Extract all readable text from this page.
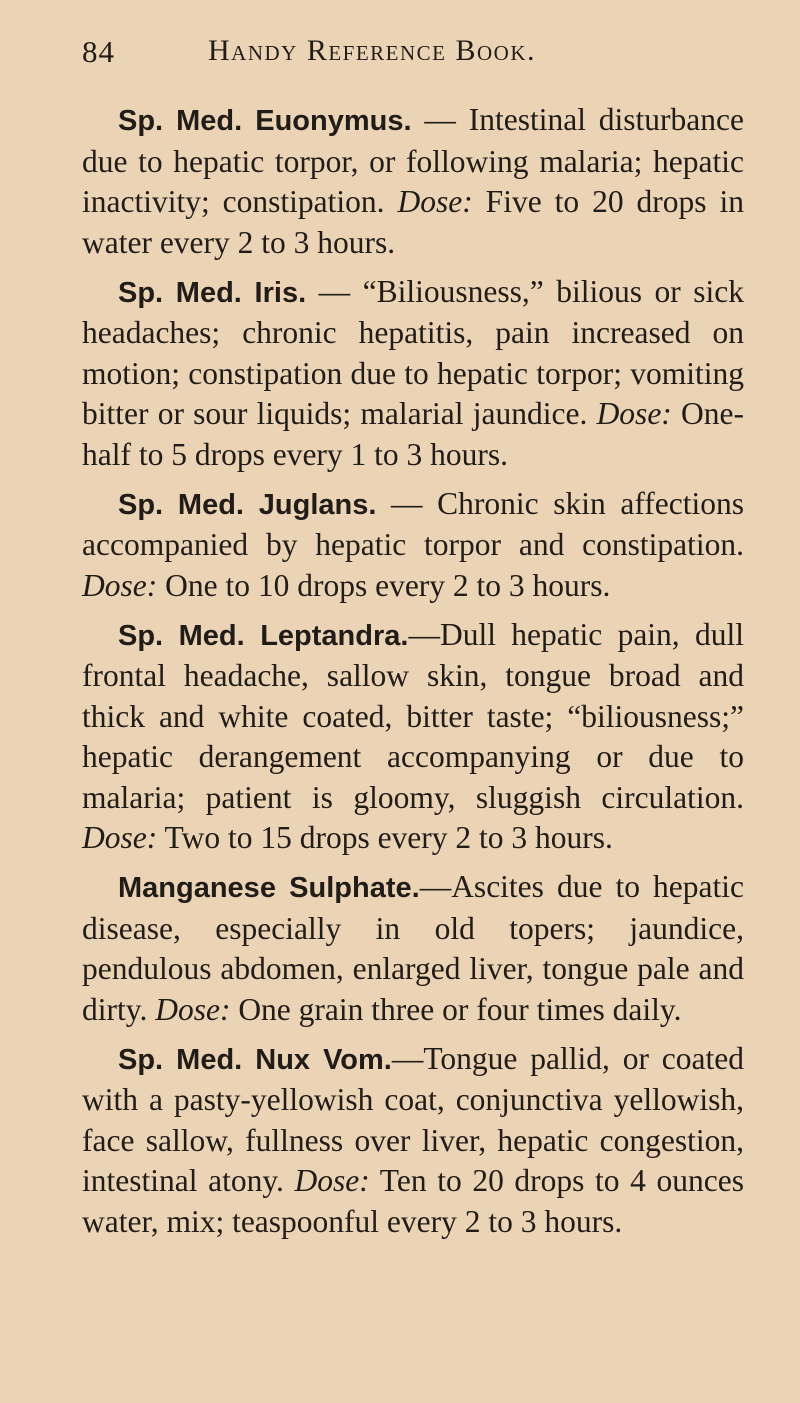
84	Handy Reference Book.

Sp. Med. Euonymus. — Intestinal disturbance due to hepatic torpor, or following malaria; hepatic inactivity; constipation. Dose: Five to 20 drops in water every 2 to 3 hours.

Sp. Med. Iris. — “Biliousness,” bilious or sick headaches; chronic hepatitis, pain increased on motion; constipation due to hepatic torpor; vomiting bitter or sour liquids; malarial jaundice. Dose: One-half to 5 drops every 1 to 3 hours.

Sp. Med. Juglans. — Chronic skin affections accompanied by hepatic torpor and constipation. Dose: One to 10 drops every 2 to 3 hours.

Sp. Med. Leptandra.—Dull hepatic pain, dull frontal headache, sallow skin, tongue broad and thick and white coated, bitter taste; “biliousness;” hepatic derangement accompanying or due to malaria; patient is gloomy, sluggish circulation. Dose: Two to 15 drops every 2 to 3 hours.

Manganese Sulphate.—Ascites due to hepatic disease, especially in old topers; jaundice, pendulous abdomen, enlarged liver, tongue pale and dirty. Dose: One grain three or four times daily.

Sp. Med. Nux Vom.—Tongue pallid, or coated with a pasty-yellowish coat, conjunctiva yellowish, face sallow, fullness over liver, hepatic congestion, intestinal atony. Dose: Ten to 20 drops to 4 ounces water, mix; teaspoonful every 2 to 3 hours.
